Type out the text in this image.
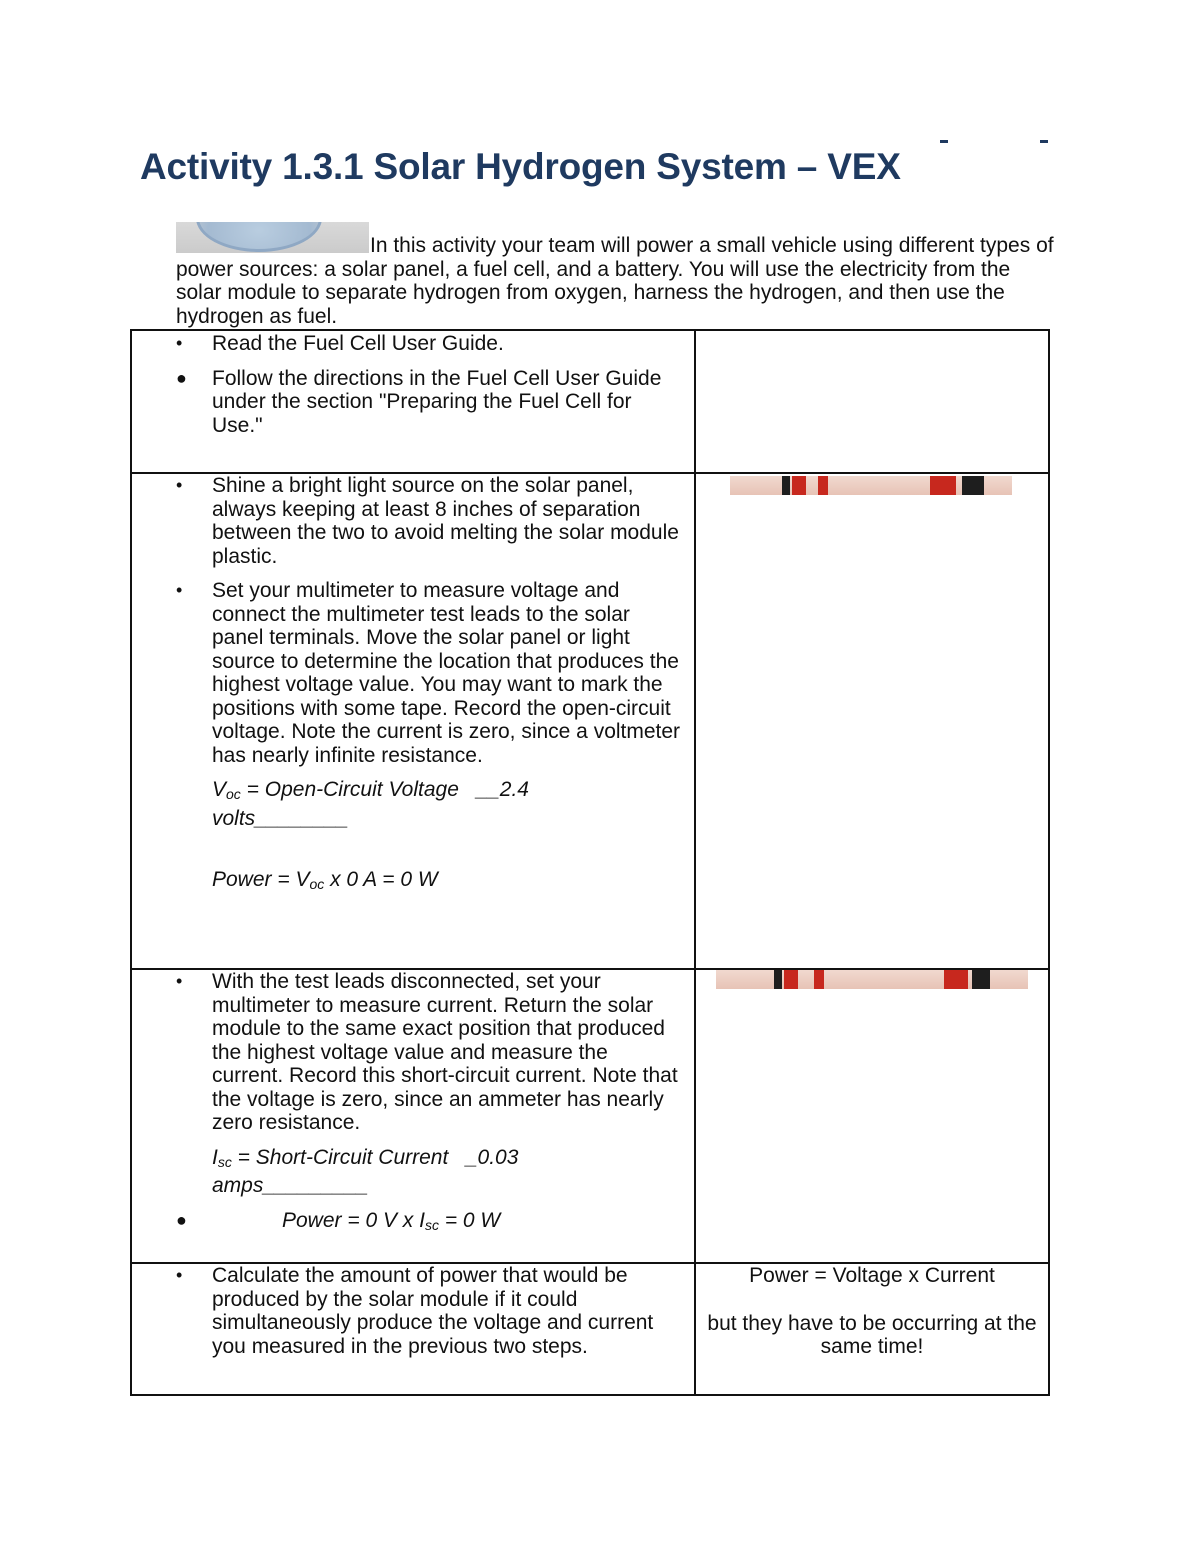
Activity 1.3.1 Solar Hydrogen System – VEX

In this activity your team will power a small vehicle using different types of power sources: a solar panel, a fuel cell, and a battery. You will use the electricity from the solar module to separate hydrogen from oxygen, harness the hydrogen, and then use the hydrogen as fuel.

• Read the Fuel Cell User Guide.
● Follow the directions in the Fuel Cell User Guide under the section "Preparing the Fuel Cell for Use."
• Shine a bright light source on the solar panel, always keeping at least 8 inches of separation between the two to avoid melting the solar module plastic.
• Set your multimeter to measure voltage and connect the multimeter test leads to the solar panel terminals. Move the solar panel or light source to determine the location that produces the highest voltage value. You may want to mark the positions with some tape. Record the open-circuit voltage. Note the current is zero, since a voltmeter has nearly infinite resistance.

$V_{oc}$ = Open-Circuit Voltage __2.4 volts________

Power = $V_{oc}$ x 0 A = 0 W

• With the test leads disconnected, set your multimeter to measure current. Return the solar module to the same exact position that produced the highest voltage value and measure the current. Record this short-circuit current. Note that the voltage is zero, since an ammeter has nearly zero resistance.

$I_{sc}$ = Short-Circuit Current _0.03 amps_________

●	Power = 0 V x $I_{sc} = 0$ W

• Calculate the amount of power that would be produced by the solar module if it could simultaneously produce the voltage and current you measured in the previous two steps.

Power = Voltage x Current

but they have to be occurring at the same time!
